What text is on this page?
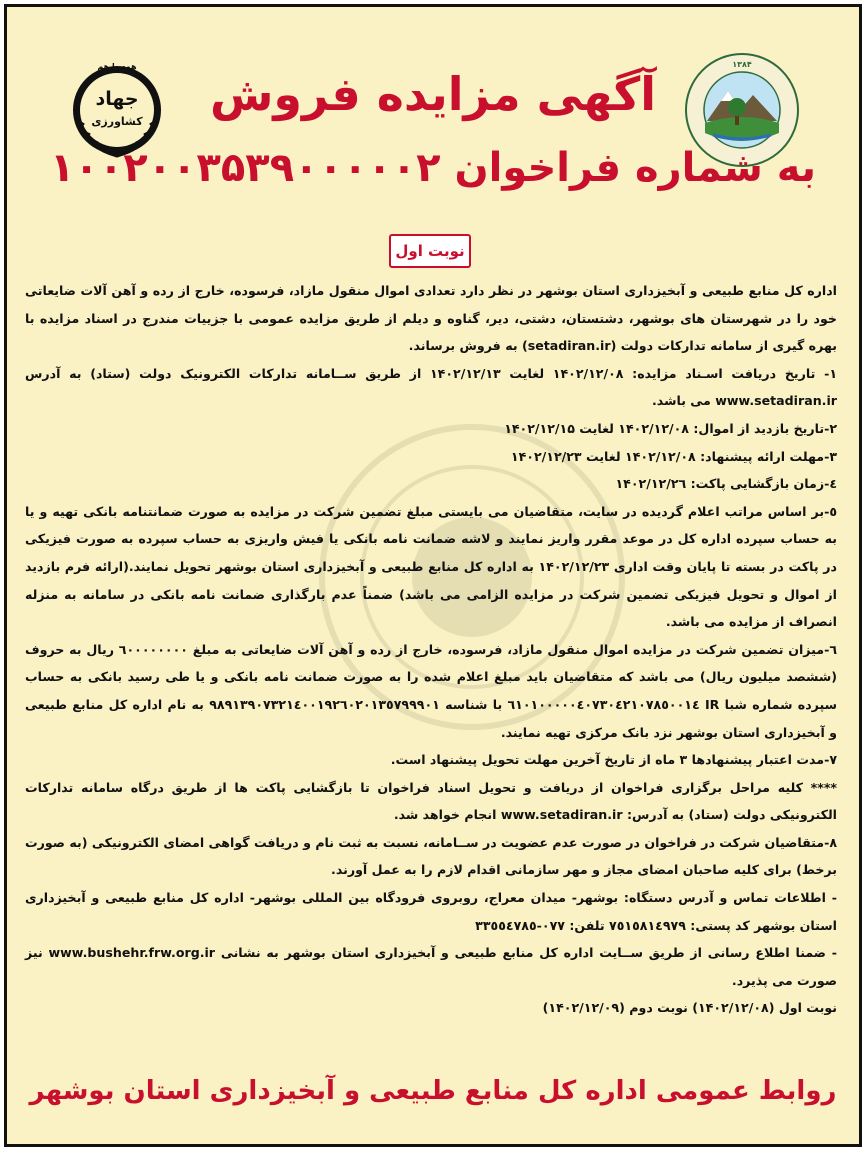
همه با هم
جهاد
کشاورزی
۱۳۸۴
آگهی مزایده فروش
به شماره فراخوان ۱۰۰۲۰۰۳۵۳۹۰۰۰۰۰۲
نوبت اول

اداره کل منابع طبیعی و آبخیزداری استان بوشهر در نظر دارد تعدادی اموال منقول مازاد، فرسوده، خارج از رده و آهن آلات ضایعاتی خود را در شهرستان های بوشهر، دشتستان، دشتی، دیر، گناوه و دیلم از طریق مزایده عمومی با جزییات مندرج در اسناد مزایده با بهره گیری از سامانه تدارکات دولت (setadiran.ir) به فروش برساند.

۱- تاریخ دریافت اسـناد مزایده: ۱۴۰۲/۱۲/۰۸ لغایت ۱۴۰۲/۱۲/۱۳ از طریق ســامانه تدارکات الکترونیک دولت (ستاد) به آدرس www.setadiran.ir می باشد.

۲-تاریخ بازدید از اموال: ۱۴۰۲/۱۲/۰۸ لغایت ۱۴۰۲/۱۲/۱۵

۳-مهلت ارائه پیشنهاد: ۱۴۰۲/۱۲/۰۸ لغایت ۱۴۰۲/۱۲/۲۳

٤-زمان بازگشایی پاکت: ۱۴۰۲/۱۲/۲٦

٥-بر اساس مراتب اعلام گردیده در سایت، متقاضیان می بایستی مبلغ تضمین شرکت در مزایده به صورت ضمانتنامه بانکی تهیه و یا به حساب سپرده اداره کل در موعد مقرر واریز نمایند و لاشه ضمانت نامه بانکی یا فیش واریزی به حساب سپرده به صورت فیزیکی در پاکت در بسته تا پایان وقت اداری ۱۴۰۲/۱۲/۲۳ به اداره کل منابع طبیعی و آبخیزداری استان بوشهر تحویل نمایند.(ارائه فرم بازدید از اموال و تحویل فیزیکی تضمین شرکت در مزایده الزامی می باشد) ضمناً عدم بارگذاری ضمانت نامه بانکی در سامانه به منزله انصراف از مزایده می باشد.

٦-میزان تضمین شرکت در مزایده اموال منقول مازاد، فرسوده، خارج از رده و آهن آلات ضایعاتی به مبلغ ٦۰۰۰۰۰۰۰۰ ریال به حروف (ششصد میلیون ریال) می باشد که متقاضیان باید مبلغ اعلام شده را به صورت ضمانت نامه بانکی و یا طی رسید بانکی به حساب سپرده شماره شبا IR ٦۱۰۱۰۰۰۰۰٤۰۷۳۰٤۲۱۰۷۸٥۰۰۱٤ با شناسه ۹۸۹۱۳۹۰۷۳۲۱٤۰۰۱۹۲٦۰۲۰۱۳٥۷۹۹۹۰۱ به نام اداره کل منابع طبیعی و آبخیزداری استان بوشهر نزد بانک مرکزی تهیه نمایند.

۷-مدت اعتبار پیشنهادها ۳ ماه از تاریخ آخرین مهلت تحویل پیشنهاد است.

**** کلیه مراحل برگزاری فراخوان از دریافت و تحویل اسناد فراخوان تا بازگشایی پاکت ها از طریق درگاه سامانه تدارکات الکترونیکی دولت (ستاد) به آدرس: www.setadiran.ir انجام خواهد شد.

۸-متقاضیان شرکت در فراخوان در صورت عدم عضویت در ســامانه، نسبت به ثبت نام و دریافت گواهی امضای الکترونیکی (به صورت برخط) برای کلیه صاحبان امضای مجاز و مهر سازمانی اقدام لازم را به عمل آورند.

- اطلاعات تماس و آدرس دستگاه: بوشهر- میدان معراج، روبروی فرودگاه بین المللی بوشهر- اداره کل منابع طبیعی و آبخیزداری استان بوشهر کد پستی: ۷٥۱٥۸۱٤۹۷۹ تلفن: ۰۷۷-۳۳٥٥٤۷۸٥

- ضمنا اطلاع رسانی از طریق ســایت اداره کل منابع طبیعی و آبخیزداری استان بوشهر به نشانی www.bushehr.frw.org.ir نیز صورت می پذیرد.

نوبت اول (۱۴۰۲/۱۲/۰۸) نوبت دوم (۱۴۰۲/۱۲/۰۹)

روابط عمومی اداره کل منابع طبیعی و آبخیزداری استان بوشهر
